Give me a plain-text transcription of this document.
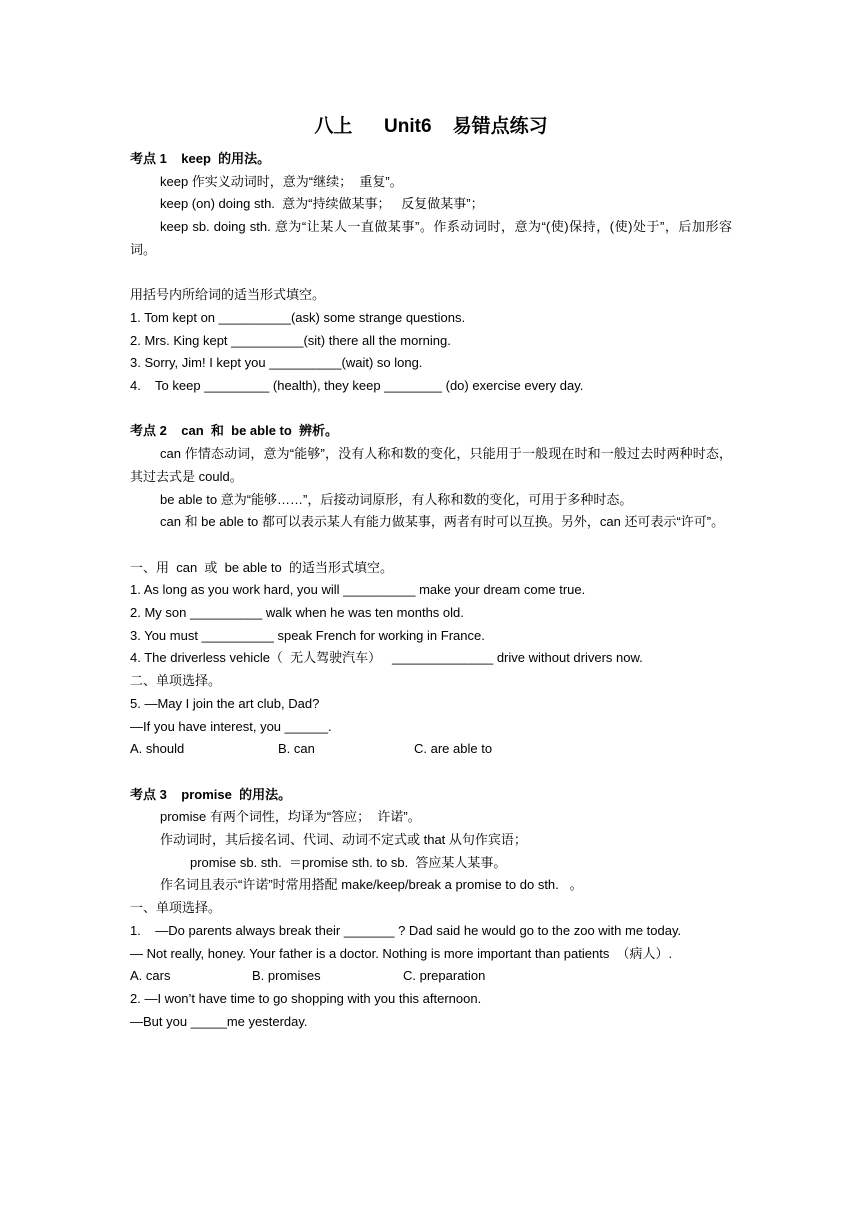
八上      Unit6    易错点练习
考点 1    keep  的用法。
keep 作实义动词时，意为“继续；  重复”。
keep (on) doing sth.  意为“持续做某事；   反复做某事”；
keep sb. doing sth. 意为“让某人一直做某事”。作系动词时，意为“(使)保持，(使)处于”，后加形容词。
用括号内所给词的适当形式填空。
1. Tom kept on __________(ask) some strange questions.
2. Mrs. King kept __________(sit) there all the morning.
3. Sorry, Jim! I kept you __________(wait) so long.
4.    To keep _________ (health), they keep ________ (do) exercise every day.
考点 2    can  和  be able to  辨析。
can 作情态动词，意为“能够”，没有人称和数的变化，只能用于一般现在时和一般过去时两种时态，其过去式是 could。
be able to 意为“能够……”，后接动词原形，有人称和数的变化，可用于多种时态。
can 和 be able to 都可以表示某人有能力做某事，两者有时可以互换。另外，can 还可表示“许可”。
一、用  can  或  be able to  的适当形式填空。
1. As long as you work hard, you will __________ make your dream come true.
2. My son __________ walk when he was ten months old.
3. You must __________ speak French for working in France.
4. The driverless vehicle（  无人驾驶汽车）   ______________ drive without drivers now.
二、单项选择。
5. —May I join the art club, Dad?
—If you have interest, you ______.
A. should	B. can	C. are able to
考点 3    promise  的用法。
promise 有两个词性，均译为“答应；  许诺”。
作动词时，其后接名词、代词、动词不定式或 that 从句作宾语；
promise sb. sth.  ＝promise sth. to sb.  答应某人某事。
作名词且表示“许诺”时常用搭配 make/keep/break a promise to do sth.   。
一、单项选择。
1.    —Do parents always break their _______ ? Dad said he would go to the zoo with me today.
— Not really, honey. Your father is a doctor. Nothing is more important than patients  （病人）.
A. cars	B. promises	C. preparation
2. —I won’t have time to go shopping with you this afternoon.
—But you _____me yesterday.
